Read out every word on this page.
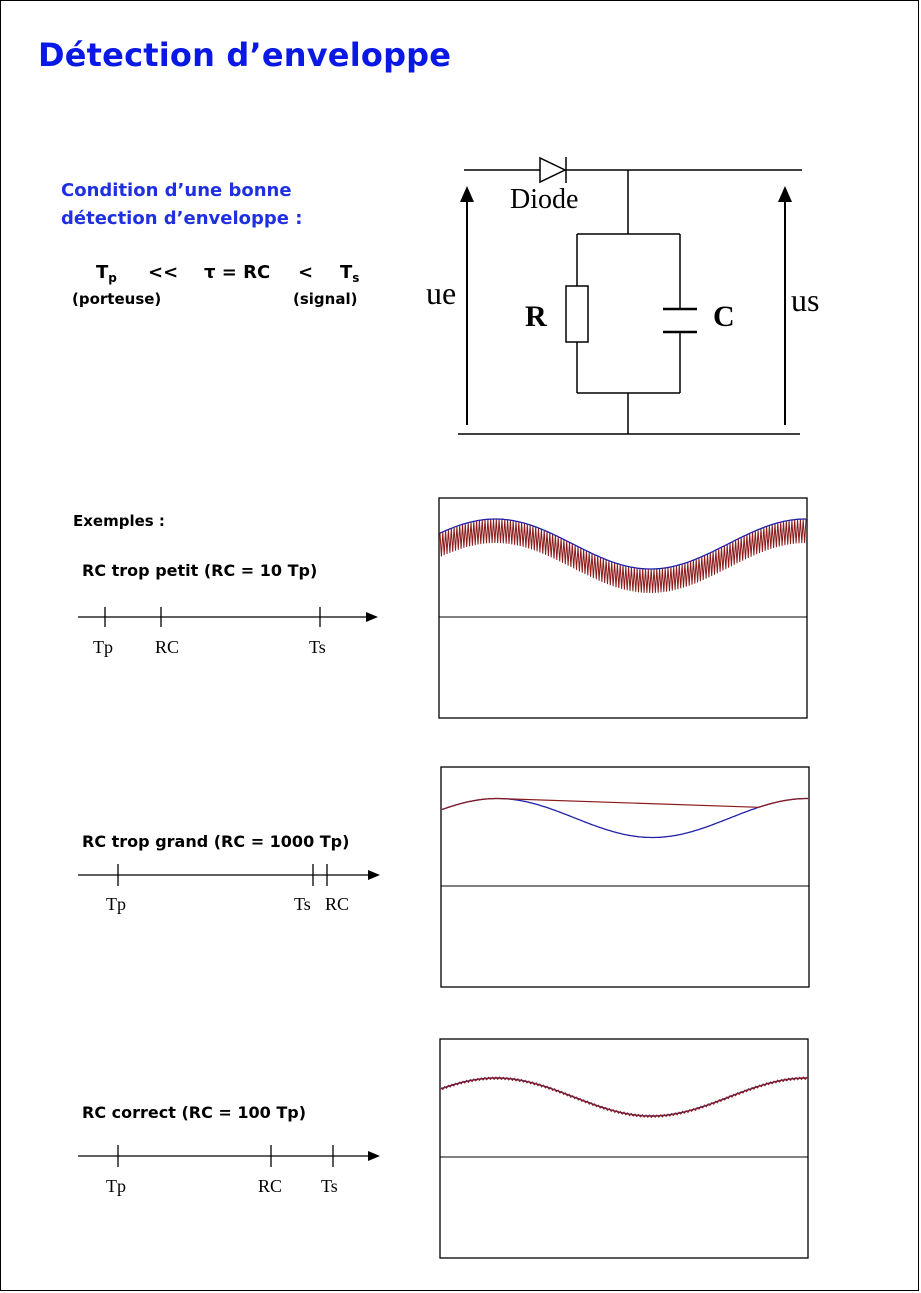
Détection d’enveloppe
Condition d’une bonne
détection d’enveloppe :
$T_p << \tau$ = RC < $T_s$
(porteuse)	(signal)
Diode
ue	us
R	C
Exemples :
RC trop petit (RC = 10 Tp)
RC trop grand (RC = 1000 Tp)
RC correct (RC = 100 Tp)
Tp RC	Ts
Tp	Ts RC
Tp	RC Ts
